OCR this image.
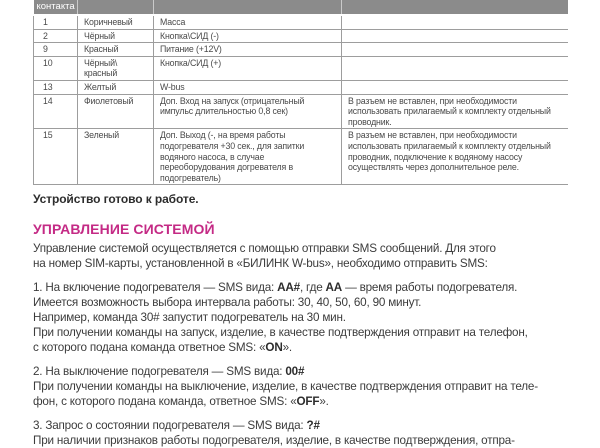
контакта			
1	Коричневый	Масса	
2	Чёрный	Кнопка\СИД (-)	
9	Красный	Питание (+12V)	
10	Чёрный\ красный	Кнопка/СИД (+)	
13	Желтый	W-bus	
14	Фиолетовый	Доп. Вход на запуск (отрицательный импульс длительностью 0,8 сек)	В разъем не вставлен, при необходимости использовать прилагаемый к комплекту отдельный проводник.
15	Зеленый	Доп. Выход (-, на время работы подогревателя +30 сек., для запитки водяного насоса, в случае переоборудования догревателя в подогреватель)	В разъем не вставлен, при необходимости использовать прилагаемый к комплекту отдельный проводник, подключение к водяному насосу осуществлять через дополнительное реле.

Устройство готово к работе.

УПРАВЛЕНИЕ СИСТЕМОЙ

Управление системой осуществляется с помощью отправки SMS сообщений. Для этого
на номер SIM-карты, установленной в «БИЛИНК W-bus», необходимо отправить SMS:

1. На включение подогревателя — SMS вида: AA#, где AA — время работы подогревателя.
Имеется возможность выбора интервала работы: 30, 40, 50, 60, 90 минут.
Например, команда 30# запустит подогреватель на 30 мин.
При получении команды на запуск, изделие, в качестве подтверждения отправит на телефон,
с которого подана команда ответное SMS: «ON».

2. На выключение подогревателя — SMS вида: 00#
При получении команды на выключение, изделие, в качестве подтверждения отправит на теле-
фон, с которого подана команда, ответное SMS: «OFF».

3. Запрос о состоянии подогревателя — SMS вида: ?#
При наличии признаков работы подогревателя, изделие, в качестве подтверждения, отпра-
